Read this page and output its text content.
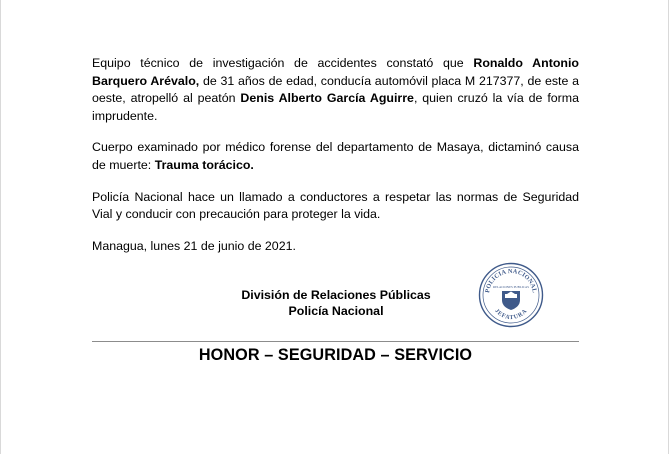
Equipo técnico de investigación de accidentes constató que Ronaldo Antonio Barquero Arévalo, de 31 años de edad, conducía automóvil placa M 217377, de este a oeste, atropelló al peatón Denis Alberto García Aguirre, quien cruzó la vía de forma imprudente.

Cuerpo examinado por médico forense del departamento de Masaya, dictaminó causa de muerte: Trauma torácico.

Policía Nacional hace un llamado a conductores a respetar las normas de Seguridad Vial y conducir con precaución para proteger la vida.

Managua, lunes 21 de junio de 2021.

División de Relaciones Públicas
Policía Nacional
POLICIA NACIONAL
JEFATURA
RELACIONES PUBLICAS
HONOR – SEGURIDAD – SERVICIO
